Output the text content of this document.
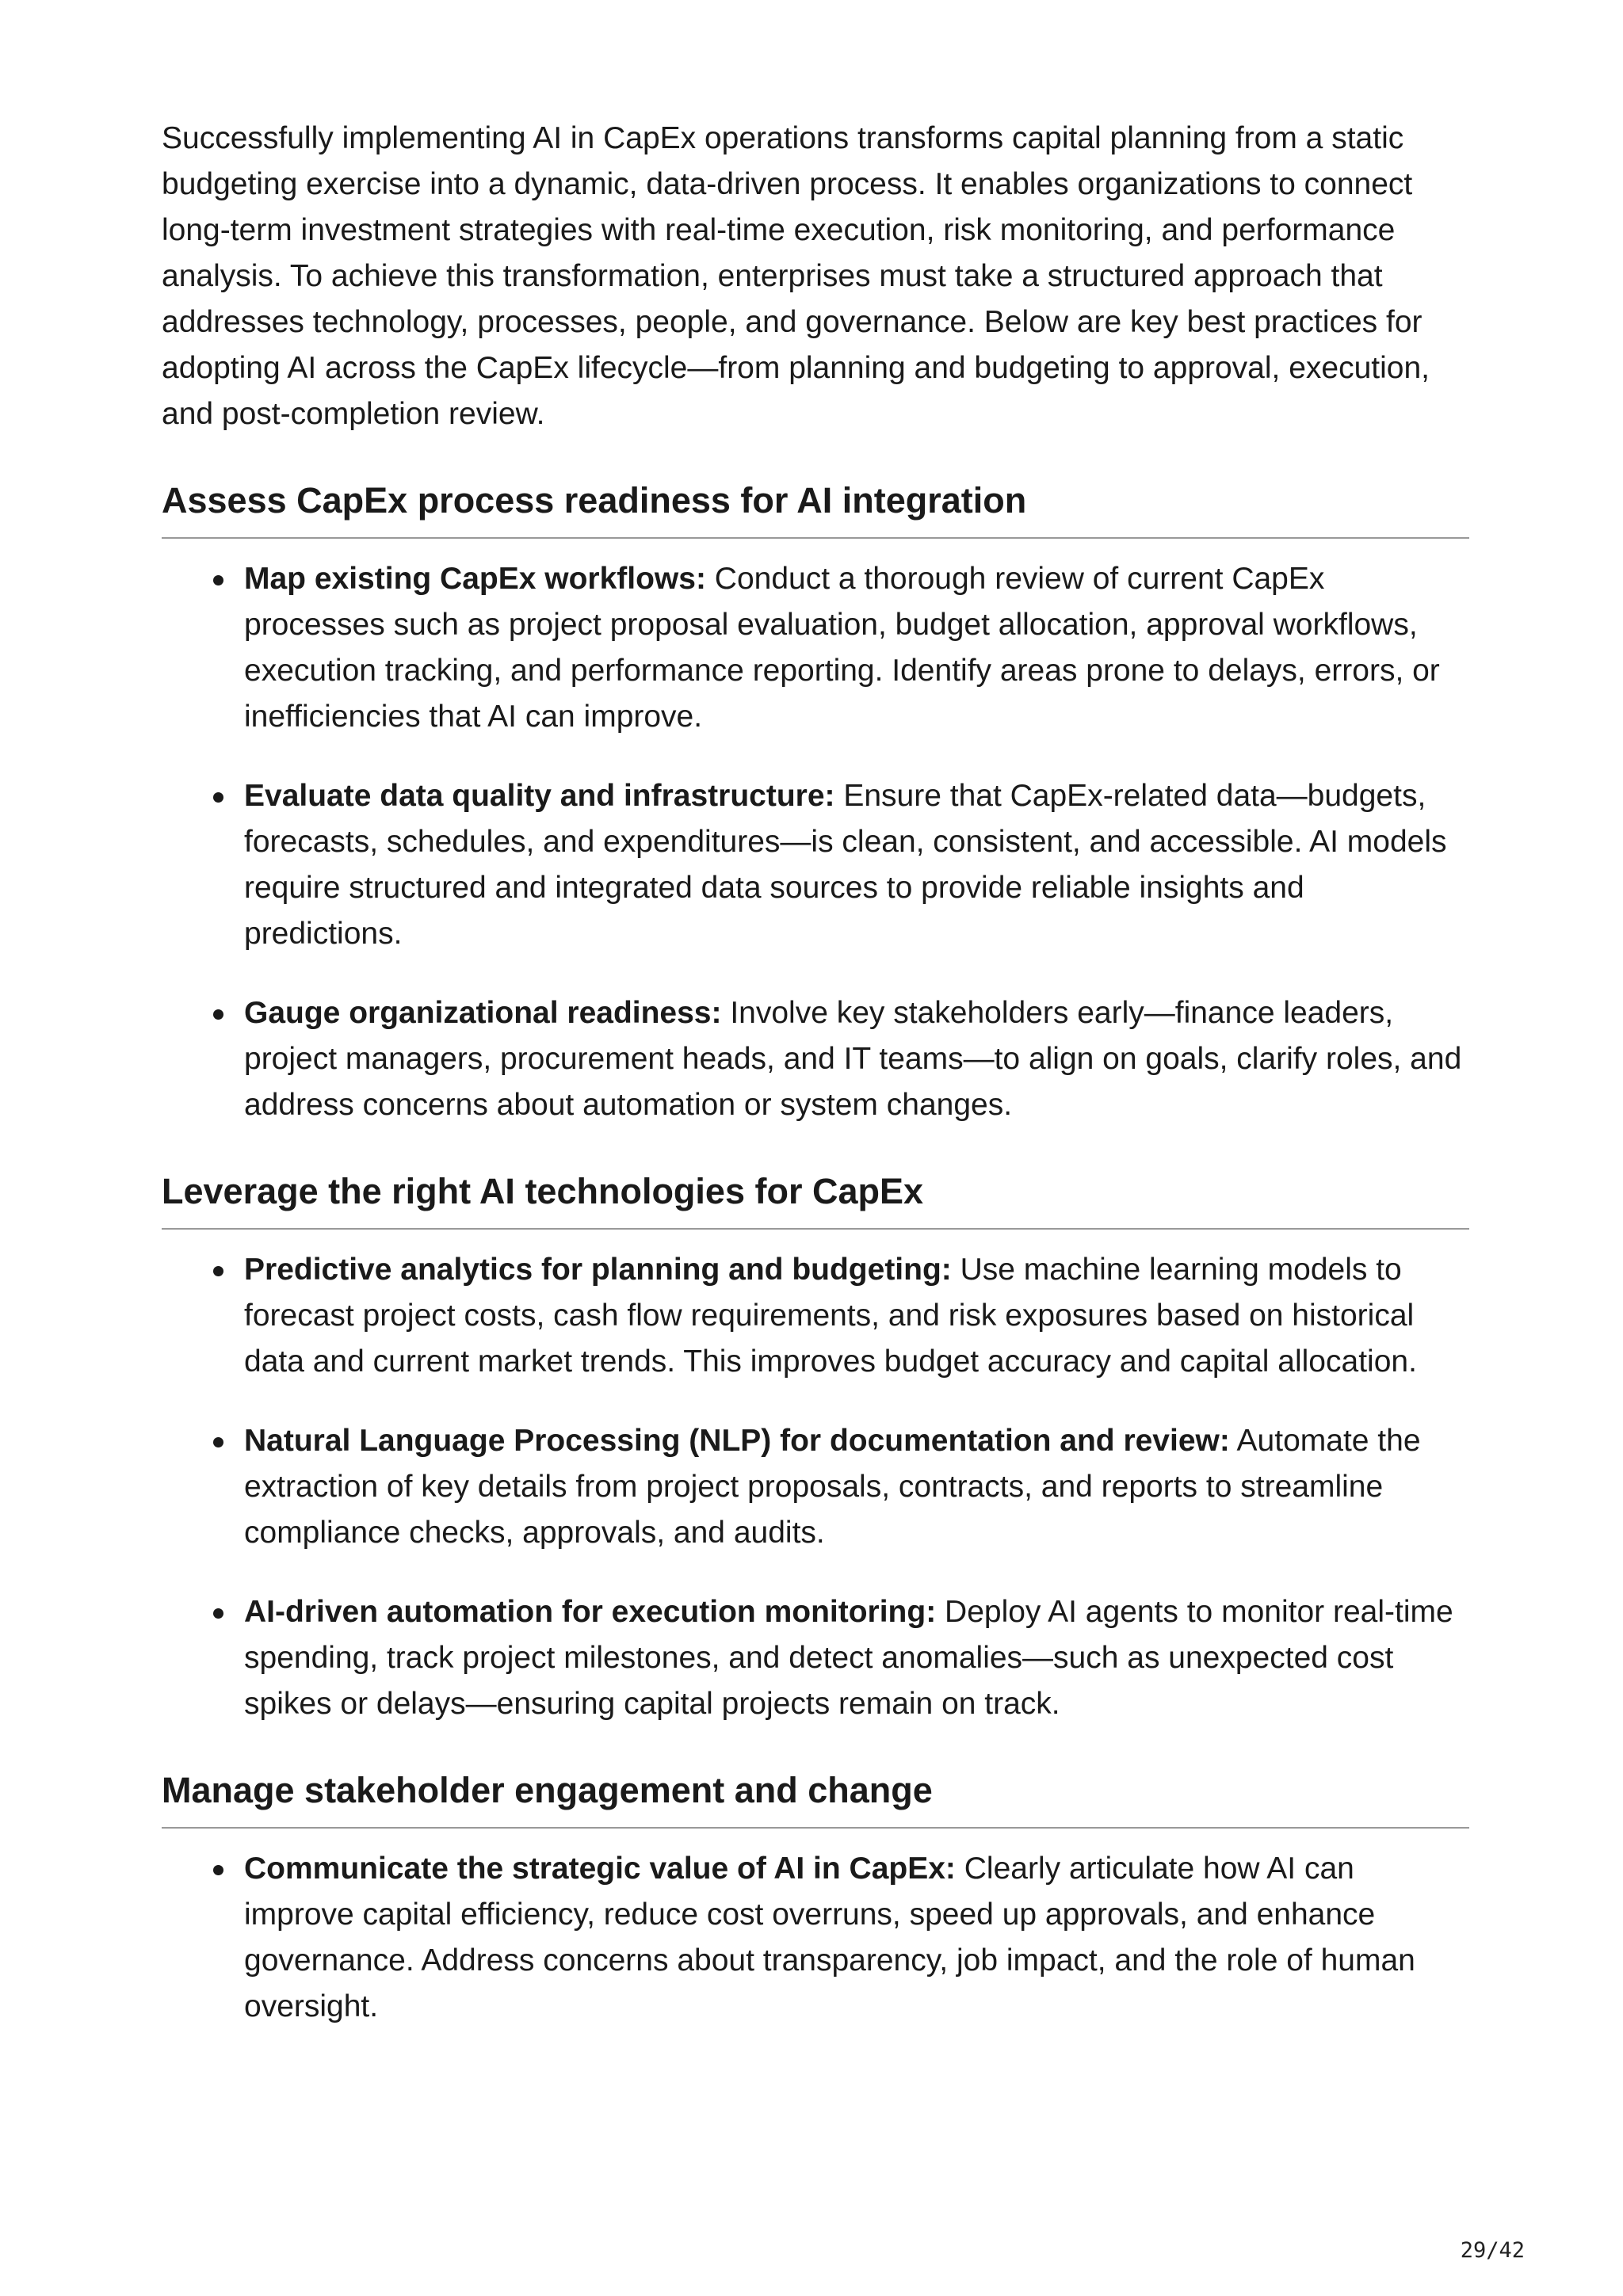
Successfully implementing AI in CapEx operations transforms capital planning from a static budgeting exercise into a dynamic, data-driven process. It enables organizations to connect long-term investment strategies with real-time execution, risk monitoring, and performance analysis. To achieve this transformation, enterprises must take a structured approach that addresses technology, processes, people, and governance. Below are key best practices for adopting AI across the CapEx lifecycle—from planning and budgeting to approval, execution, and post-completion review.

Assess CapEx process readiness for AI integration
Map existing CapEx workflows: Conduct a thorough review of current CapEx processes such as project proposal evaluation, budget allocation, approval workflows, execution tracking, and performance reporting. Identify areas prone to delays, errors, or inefficiencies that AI can improve.
Evaluate data quality and infrastructure: Ensure that CapEx-related data—budgets, forecasts, schedules, and expenditures—is clean, consistent, and accessible. AI models require structured and integrated data sources to provide reliable insights and predictions.
Gauge organizational readiness: Involve key stakeholders early—finance leaders, project managers, procurement heads, and IT teams—to align on goals, clarify roles, and address concerns about automation or system changes.
Leverage the right AI technologies for CapEx
Predictive analytics for planning and budgeting: Use machine learning models to forecast project costs, cash flow requirements, and risk exposures based on historical data and current market trends. This improves budget accuracy and capital allocation.
Natural Language Processing (NLP) for documentation and review: Automate the extraction of key details from project proposals, contracts, and reports to streamline compliance checks, approvals, and audits.
AI-driven automation for execution monitoring: Deploy AI agents to monitor real-time spending, track project milestones, and detect anomalies—such as unexpected cost spikes or delays—ensuring capital projects remain on track.
Manage stakeholder engagement and change
Communicate the strategic value of AI in CapEx: Clearly articulate how AI can improve capital efficiency, reduce cost overruns, speed up approvals, and enhance governance. Address concerns about transparency, job impact, and the role of human oversight.
29/42
